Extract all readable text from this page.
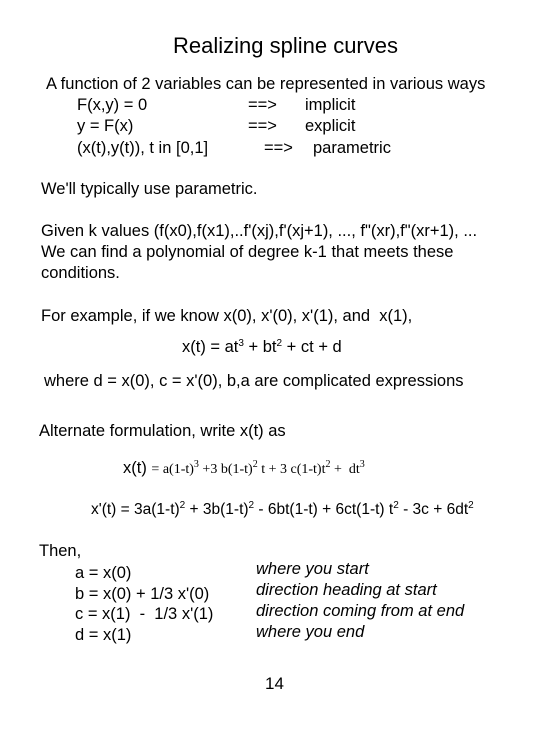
Realizing spline curves
A function of 2 variables can be represented in various ways
F(x,y) = 0	==> implicit
y = F(x)	==> explicit
(x(t),y(t)), t in [0,1]	==> parametric
We'll typically use parametric.
Given k values (f(x0),f(x1),..f'(xj),f'(xj+1), ..., f"(xr),f"(xr+1), ...
We can find a polynomial of degree k-1 that meets these
conditions.
For example, if we know x(0), x'(0), x'(1), and  x(1),
$x(t) = at^3 + bt^2$ + ct + d
where d = x(0), c = x'(0), b,a are complicated expressions
Alternate formulation, write x(t) as
$x(t) = a(1-t)^3 +3$ $b(1-t)^2$ t + 3 $c(1-t)t^2 + dt^3$
$x'(t) = 3a(1-t)^2 + 3b(1-t)^2 - 6bt(1-t) + 6ct(1-t)$ $t^2 - 3c + 6dt^2$
Then,
a = x(0)	where you start
b = x(0) + 1/3 x'(0)	direction heading at start
c = x(1)  -  1/3 x'(1)	direction coming from at end
d = x(1)	where you end
14
